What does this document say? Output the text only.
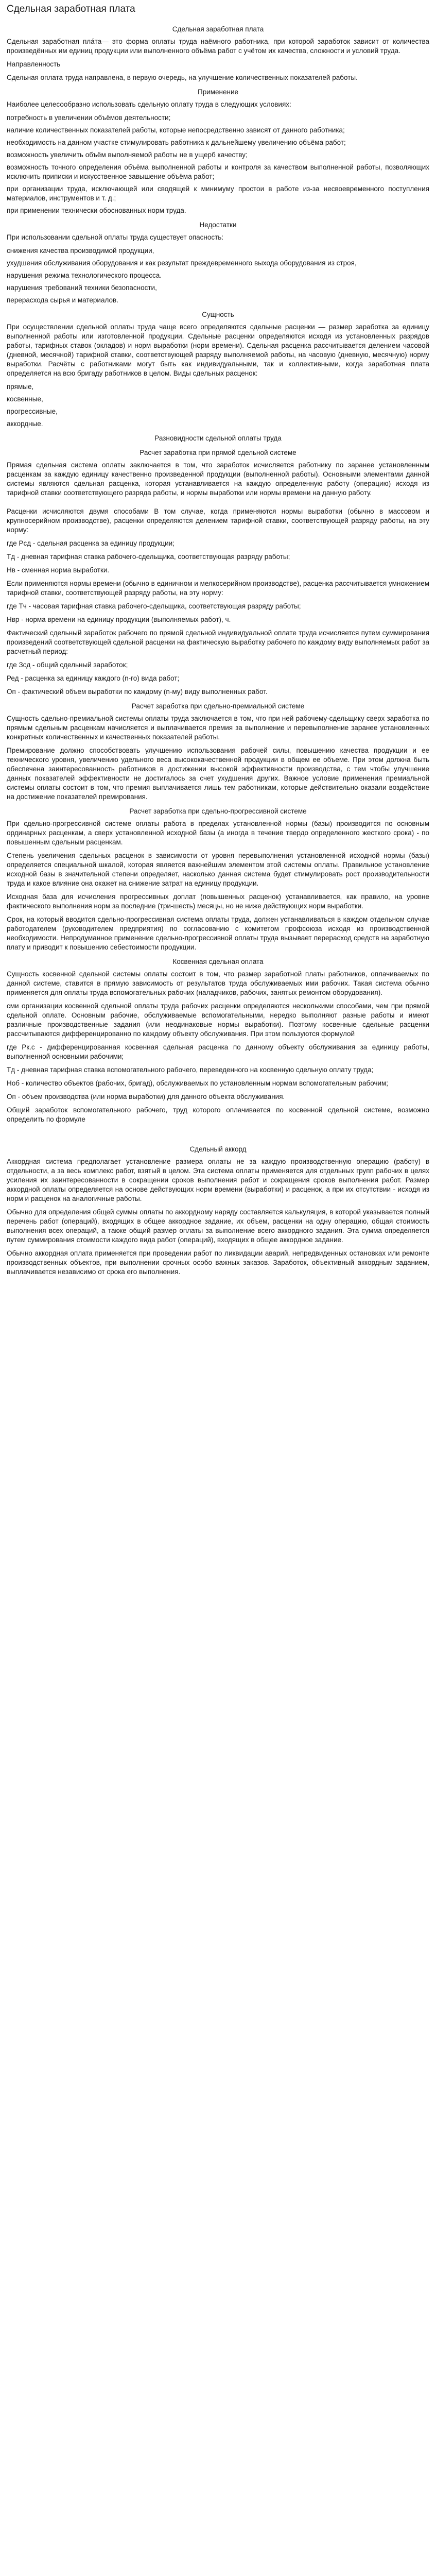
Сдельная заработная плата
Сдельная заработная плата

Сдельная заработная пла́та— это форма оплаты труда наёмного работника, при которой заработок зависит от количества произведённых им единиц продукции или выполненного объёма работ с учётом их качества, сложности и условий труда.

Направленность

Сдельная оплата труда направлена, в первую очередь, на улучшение количественных показателей работы.

Применение

Наиболее целесообразно использовать сдельную оплату труда в следующих условиях:

потребность в увеличении объёмов деятельности;

наличие количественных показателей работы, которые непосредственно зависят от данного работника;

необходимость на данном участке стимулировать работника к дальнейшему увеличению объёма работ;

возможность увеличить объём выполняемой работы не в ущерб качеству;

возможность точного определения объёма выполненной работы и контроля за качеством выполненной работы, позволяющих исключить приписки и искусственное завышение объёма работ;

при организации труда, исключающей или сводящей к минимуму простои в работе из-за несвоевременного поступления материалов, инструментов и т. д.;

при применении технически обоснованных норм труда.

Недостатки

При использовании сдельной оплаты труда существует опасность:

снижения качества производимой продукции,

ухудшения обслуживания оборудования и как результат преждевременного выхода оборудования из строя,

нарушения режима технологического процесса.

нарушения требований техники безопасности,

перерасхода сырья и материалов.

Сущность

При осуществлении сдельной оплаты труда чаще всего определяются сдельные расценки — размер заработка за единицу выполненной работы или изготовленной продукции. Сдельные расценки определяются исходя из установленных разрядов работы, тарифных ставок (окладов) и норм выработки (норм времени). Сдельная расценка рассчитывается делением часовой (дневной, месячной) тарифной ставки, соответствующей разряду выполняемой работы, на часовую (дневную, месячную) норму выработки. Расчёты с работниками могут быть как индивидуальными, так и коллективными, когда заработная плата определяется на всю бригаду работников в целом. Виды сдельных расценок:

прямые,

косвенные,

прогрессивные,

аккордные.

Разновидности сдельной оплаты труда
Расчет заработка при прямой сдельной системе

Прямая сдельная система оплаты заключается в том, что заработок исчисляется работнику по заранее установленным расценкам за каждую единицу качественно произведенной продукции (выполненной работы). Основными элементами данной системы являются сдельная расценка, которая устанавливается на каждую определенную работу (операцию) исходя из тарифной ставки соответствующего разряда работы, и нормы выработки или нормы времени на данную работу.

Расценки исчисляются двумя способами В том случае, когда применяются нормы выработки (обычно в массовом и крупносерийном производстве), расценки определяются делением тарифной ставки, соответствующей разряду работы, на эту норму:

где Рсд - сдельная расценка за единицу продукции;

Тд - дневная тарифная ставка рабочего-сдельщика, соответствующая разряду работы;

Нв - сменная норма выработки.

Если применяются нормы времени (обычно в единичном и мелкосерийном производстве), расценка рассчитывается умножением тарифной ставки, соответствующей разряду работы, на эту норму:

где Тч - часовая тарифная ставка рабочего-сдельщика, соответствующая разряду работы;

Нвр - норма времени на единицу продукции (выполняемых работ), ч.

Фактический сдельный заработок рабочего по прямой сдельной индивидуальной оплате труда исчисляется путем суммирования произведений соответствующей сдельной расценки на фактическую выработку рабочего по каждому виду выполняемых работ за расчетный период:

где Зсд - общий сдельный заработок;

Ред - расценка за единицу каждого (n-го) вида работ;

Оп - фактический объем выработки по каждому (n-му) виду выполненных работ.

Расчет заработка при сдельно-премиальной системе

Сущность сдельно-премиальной системы оплаты труда заключается в том, что при ней рабочему-сдельщику сверх заработка по прямым сдельным расценкам начисляется и выплачивается премия за выполнение и перевыполнение заранее установленных конкретных количественных и качественных показателей работы.

Премирование должно способствовать улучшению использования рабочей силы, повышению качества продукции и ее технического уровня, увеличению удельного веса высококачественной продукции в общем ее объеме. При этом должна быть обеспечена заинтересованность работников в достижении высокой эффективности производства, с тем чтобы улучшение данных показателей эффективности не достигалось за счет ухудшения других. Важное условие применения премиальной системы оплаты состоит в том, что премия выплачивается лишь тем работникам, которые действительно оказали воздействие на достижение показателей премирования.

Расчет заработка при сдельно-прогрессивной системе

При сдельно-прогрессивной системе оплаты работа в пределах установленной нормы (базы) производится по основным ординарных расценкам, а сверх установленной исходной базы (а иногда в течение твердо определенного жесткого срока) - по повышенным сдельным расценкам.

Степень увеличения сдельных расценок в зависимости от уровня перевыполнения установленной исходной нормы (базы) определяется специальной шкалой, которая является важнейшим элементом этой системы оплаты. Правильное установление исходной базы в значительной степени определяет, насколько данная система будет стимулировать рост производительности труда и какое влияние она окажет на снижение затрат на единицу продукции.

Исходная база для исчисления прогрессивных доплат (повышенных расценок) устанавливается, как правило, на уровне фактического выполнения норм за последние (три-шесть) месяцы, но не ниже действующих норм выработки.

Срок, на который вводится сдельно-прогрессивная система оплаты труда, должен устанавливаться в каждом отдельном случае работодателем (руководителем предприятия) по согласованию с комитетом профсоюза исходя из производственной необходимости. Непродуманное применение сдельно-прогрессивной оплаты труда вызывает перерасход средств на заработную плату и приводит к повышению себестоимости продукции.

Косвенная сдельная оплата

Сущность косвенной сдельной системы оплаты состоит в том, что размер заработной платы работников, оплачиваемых по данной системе, ставится в прямую зависимость от результатов труда обслуживаемых ими рабочих. Такая система обычно применяется для оплаты труда вспомогательных рабочих (наладчиков, рабочих, занятых ремонтом оборудования).

сми организации косвенной сдельной оплаты труда рабочих расценки определяются несколькими способами, чем при прямой сдельной оплате. Основным рабочие, обслуживаемые вспомогательными, нередко выполняют разные работы и имеют различные производственные задания (или неодинаковые нормы выработки). Поэтому косвенные сдельные расценки рассчитываются дифференцированно по каждому объекту обслуживания. При этом пользуются формулой

где Рк.с - дифференцированная косвенная сдельная расценка по данному объекту обслуживания за единицу работы, выполненной основными рабочими;

Тд - дневная тарифная ставка вспомогательного рабочего, переведенного на косвенную сдельную оплату труда;

Ноб - количество объектов (рабочих, бригад), обслуживаемых по установленным нормам вспомогательным рабочим;

Оп - объем производства (или норма выработки) для данного объекта обслуживания.

Общий заработок вспомогательного рабочего, труд которого оплачивается по косвенной сдельной системе, возможно определить по формуле

Сдельный аккорд

Аккордная система предполагает установление размера оплаты не за каждую производственную операцию (работу) в отдельности, а за весь комплекс работ, взятый в целом. Эта система оплаты применяется для отдельных групп рабочих в целях усиления их заинтересованности в сокращении сроков выполнения работ и сокращения сроков выполнения работ. Размер аккордной оплаты определяется на основе действующих норм времени (выработки) и расценок, а при их отсутствии - исходя из норм и расценок на аналогичные работы.

Обычно для определения общей суммы оплаты по аккордному наряду составляется калькуляция, в которой указывается полный перечень работ (операций), входящих в общее аккордное задание, их объем, расценки на одну операцию, общая стоимость выполнения всех операций, а также общий размер оплаты за выполнение всего аккордного задания. Эта сумма определяется путем суммирования стоимости каждого вида работ (операций), входящих в общее аккордное задание.

Обычно аккордная оплата применяется при проведении работ по ликвидации аварий, непредвиденных остановках или ремонте производственных объектов, при выполнении срочных особо важных заказов. Заработок, объективный аккордным заданием, выплачивается независимо от срока его выполнения.
